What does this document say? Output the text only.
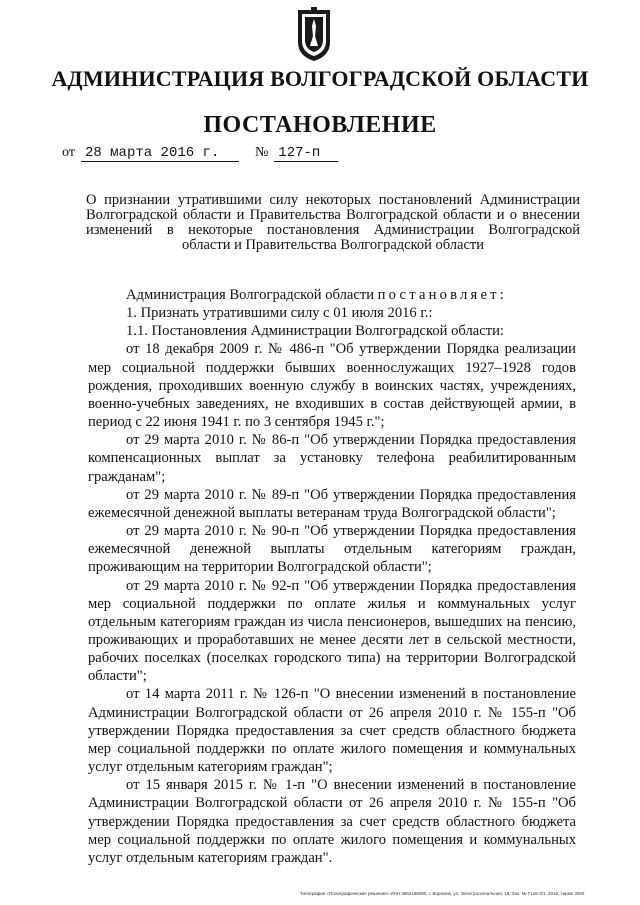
АДМИНИСТРАЦИЯ ВОЛГОГРАДСКОЙ ОБЛАСТИ
ПОСТАНОВЛЕНИЕ
от 28 марта 2016 г.	№ 127-п
О признании утратившими силу некоторых постановлений Администрации Волгоградской области и Правительства Волгоградской области и о внесении изменений в некоторые постановления Администрации Волгоградской
области и Правительства Волгоградской области

Администрация Волгоградской области постановляет:

1. Признать утратившими силу с 01 июля 2016 г.:

1.1. Постановления Администрации Волгоградской области:

от 18 декабря 2009 г. № 486-п "Об утверждении Порядка реализации мер социальной поддержки бывших военнослужащих 1927–1928 годов рождения, проходивших военную службу в воинских частях, учреждениях, военно-учебных заведениях, не входивших в состав действующей армии, в период с 22 июня 1941 г. по 3 сентября 1945 г.";

от 29 марта 2010 г. № 86-п "Об утверждении Порядка предоставления компенсационных выплат за установку телефона реабилитированным гражданам";

от 29 марта 2010 г. № 89-п "Об утверждении Порядка предоставления ежемесячной денежной выплаты ветеранам труда Волгоградской области";

от 29 марта 2010 г. № 90-п "Об утверждении Порядка предоставления ежемесячной денежной выплаты отдельным категориям граждан, проживающим на территории Волгоградской области";

от 29 марта 2010 г. № 92-п "Об утверждении Порядка предоставления мер социальной поддержки по оплате жилья и коммунальных услуг отдельным категориям граждан из числа пенсионеров, вышедших на пенсию, проживающих и проработавших не менее десяти лет в сельской местности, рабочих поселках (поселках городского типа) на территории Волгоградской области";

от 14 марта 2011 г. № 126-п "О внесении изменений в постановление Администрации Волгоградской области от 26 апреля 2010 г. № 155-п "Об утверждении Порядка предоставления за счет средств областного бюджета мер социальной поддержки по оплате жилого помещения и коммунальных услуг отдельным категориям граждан";

от 15 января 2015 г. № 1-п "О внесении изменений в постановление Администрации Волгоградской области от 26 апреля 2010 г. № 155-п "Об утверждении Порядка предоставления за счет средств областного бюджета мер социальной поддержки по оплате жилого помещения и коммунальных услуг отдельным категориям граждан".

Типография «Полиграфические решения» ИНН 3662186090, г. Воронеж, ул. Электросигнальная, 19, Зак. № Т126-2/1, 2016, тираж 3000
